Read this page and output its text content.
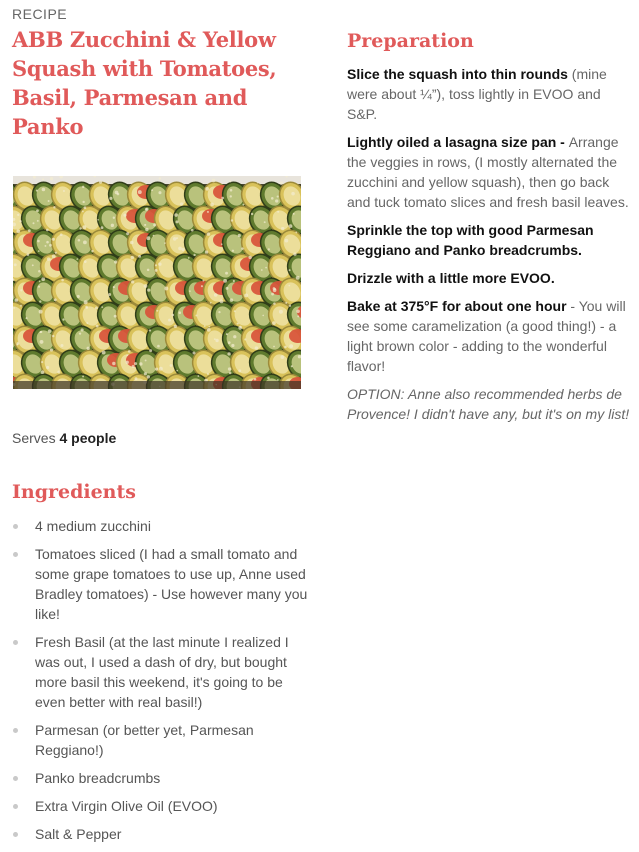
RECIPE
ABB Zucchini & Yellow Squash with Tomatoes, Basil, Parmesan and Panko
Serves 4 people
Ingredients
4 medium zucchini
Tomatoes sliced (I had a small tomato and some grape tomatoes to use up, Anne used Bradley tomatoes) - Use however many you like!
Fresh Basil (at the last minute I realized I was out, I used a dash of dry, but bought more basil this weekend, it's going to be even better with real basil!)
Parmesan (or better yet, Parmesan Reggiano!)
Panko breadcrumbs
Extra Virgin Olive Oil (EVOO)
Salt & Pepper
Preparation

Slice the squash into thin rounds (mine were about ¼”), toss lightly in EVOO and S&P.

Lightly oiled a lasagna size pan - Arrange the veggies in rows, (I mostly alternated the zucchini and yellow squash), then go back and tuck tomato slices and fresh basil leaves.

Sprinkle the top with good Parmesan Reggiano and Panko breadcrumbs.

Drizzle with a little more EVOO.

Bake at 375°F for about one hour - You will see some caramelization (a good thing!) - a light brown color - adding to the wonderful flavor!

OPTION: Anne also recommended herbs de Provence! I didn't have any, but it's on my list!
